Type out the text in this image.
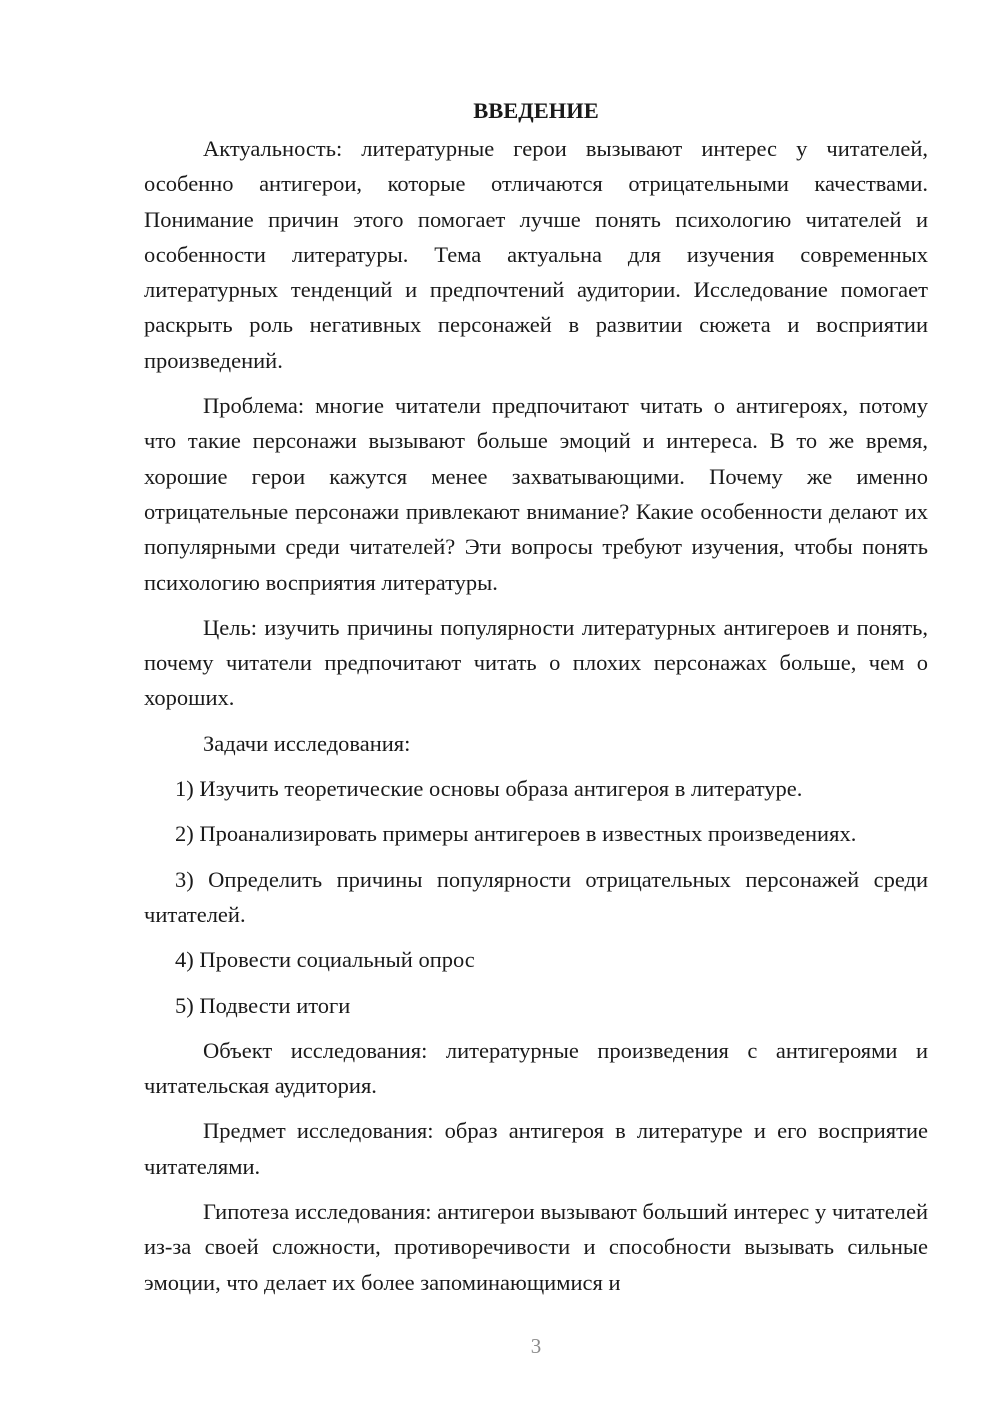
ВВЕДЕНИЕ

Актуальность: литературные герои вызывают интерес у читателей, особенно антигерои, которые отличаются отрицательными качествами. Понимание причин этого помогает лучше понять психологию читателей и особенности литературы. Тема актуальна для изучения современных литературных тенденций и предпочтений аудитории. Исследование помогает раскрыть роль негативных персонажей в развитии сюжета и восприятии произведений.

Проблема: многие читатели предпочитают читать о антигероях, потому что такие персонажи вызывают больше эмоций и интереса. В то же время, хорошие герои кажутся менее захватывающими. Почему же именно отрицательные персонажи привлекают внимание? Какие особенности делают их популярными среди читателей? Эти вопросы требуют изучения, чтобы понять психологию восприятия литературы.

Цель: изучить причины популярности литературных антигероев и понять, почему читатели предпочитают читать о плохих персонажах больше, чем о хороших.

Задачи исследования:

1) Изучить теоретические основы образа антигероя в литературе.

2) Проанализировать примеры антигероев в известных произведениях.

3) Определить причины популярности отрицательных персонажей среди читателей.

4) Провести социальный опрос

5) Подвести итоги

Объект исследования: литературные произведения с антигероями и читательская аудитория.

Предмет исследования: образ антигероя в литературе и его восприятие читателями.

Гипотеза исследования: антигерои вызывают больший интерес у читателей из-за своей сложности, противоречивости и способности вызывать сильные эмоции, что делает их более запоминающимися и

3
